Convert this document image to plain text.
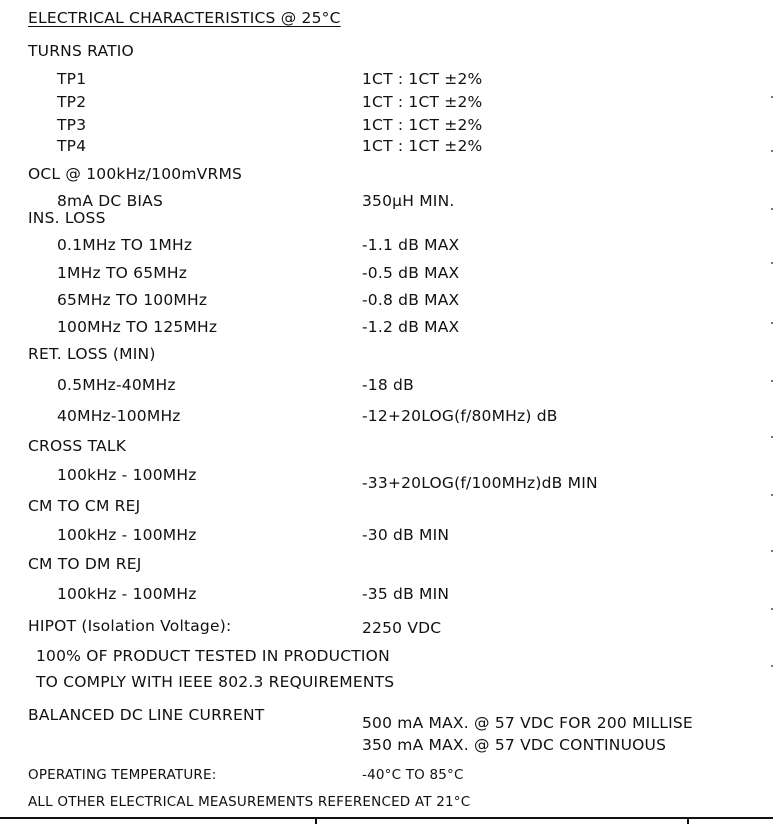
ELECTRICAL CHARACTERISTICS @ 25°C
TURNS RATIO
TP1	1CT : 1CT ±2%
TP2	1CT : 1CT ±2%
TP3	1CT : 1CT ±2%
TP4	1CT : 1CT ±2%
OCL @ 100kHz/100mVRMS
8mA DC BIAS	350μH MIN.
INS. LOSS
0.1MHz TO 1MHz	-1.1 dB MAX
1MHz TO 65MHz	-0.5 dB MAX
65MHz TO 100MHz	-0.8 dB MAX
100MHz TO 125MHz	-1.2 dB MAX
RET. LOSS (MIN)
0.5MHz-40MHz	-18 dB
40MHz-100MHz	-12+20LOG(f/80MHz) dB
CROSS TALK
100kHz - 100MHz	-33+20LOG(f/100MHz)dB MIN
CM TO CM REJ
100kHz - 100MHz	-30 dB MIN
CM TO DM REJ
100kHz - 100MHz	-35 dB MIN
HIPOT (Isolation Voltage):	2250 VDC
100% OF PRODUCT TESTED IN PRODUCTION
TO COMPLY WITH IEEE 802.3 REQUIREMENTS
BALANCED DC LINE CURRENT	500 mA MAX. @ 57 VDC FOR 200 MILLISE
350 mA MAX. @ 57 VDC CONTINUOUS
OPERATING TEMPERATURE:	-40°C TO 85°C
ALL OTHER ELECTRICAL MEASUREMENTS REFERENCED AT 21°C
